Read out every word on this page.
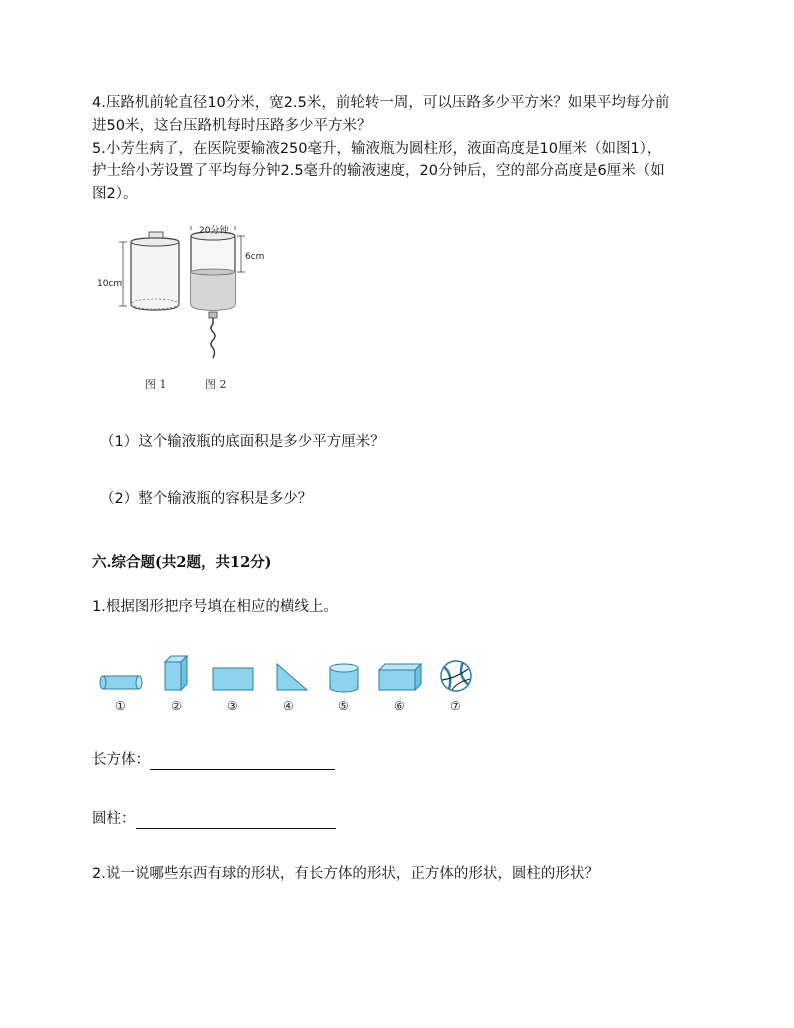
4.压路机前轮直径10分米，宽2.5米，前轮转一周，可以压路多少平方米？如果平均每分前
进50米，这台压路机每时压路多少平方米？
5.小芳生病了，在医院要输液250毫升，输液瓶为圆柱形，液面高度是10厘米（如图1），
护士给小芳设置了平均每分钟2.5毫升的输液速度，20分钟后，空的部分高度是6厘米（如
图2）。
10cm
20分钟
6cm
图 1	图 2
（1）这个输液瓶的底面积是多少平方厘米？
（2）整个输液瓶的容积是多少？
六.综合题(共2题，共12分)
1.根据图形把序号填在相应的横线上。
①	②	③	④	⑤	⑥	⑦
长方体：
圆柱：
2.说一说哪些东西有球的形状，有长方体的形状，正方体的形状，圆柱的形状？
